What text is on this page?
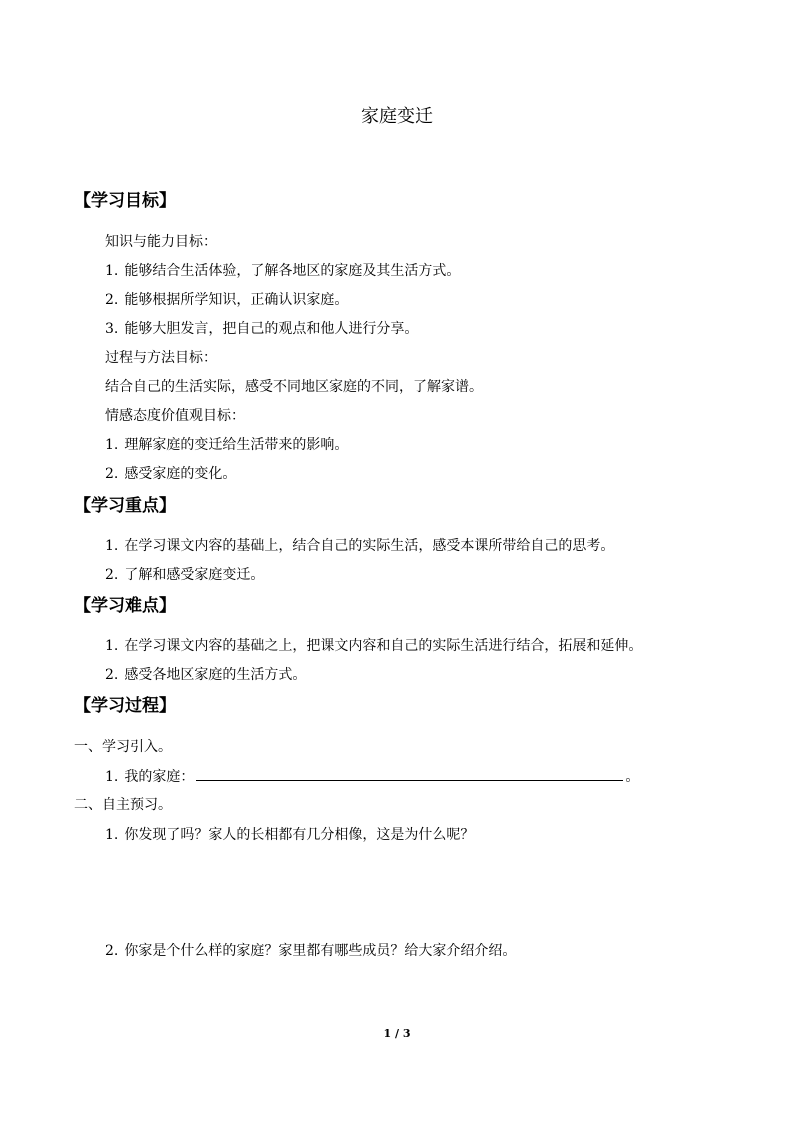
家庭变迁
【学习目标】
知识与能力目标：
1. 能够结合生活体验，了解各地区的家庭及其生活方式。
2. 能够根据所学知识，正确认识家庭。
3. 能够大胆发言，把自己的观点和他人进行分享。
过程与方法目标：
结合自己的生活实际，感受不同地区家庭的不同，了解家谱。
情感态度价值观目标：
1. 理解家庭的变迁给生活带来的影响。
2. 感受家庭的变化。
【学习重点】
1. 在学习课文内容的基础上，结合自己的实际生活，感受本课所带给自己的思考。
2. 了解和感受家庭变迁。
【学习难点】
1. 在学习课文内容的基础之上，把课文内容和自己的实际生活进行结合，拓展和延伸。
2. 感受各地区家庭的生活方式。
【学习过程】
一、学习引入。
1. 我的家庭：	。
二、自主预习。
1. 你发现了吗？家人的长相都有几分相像，这是为什么呢？
2. 你家是个什么样的家庭？家里都有哪些成员？给大家介绍介绍。
1 / 3
